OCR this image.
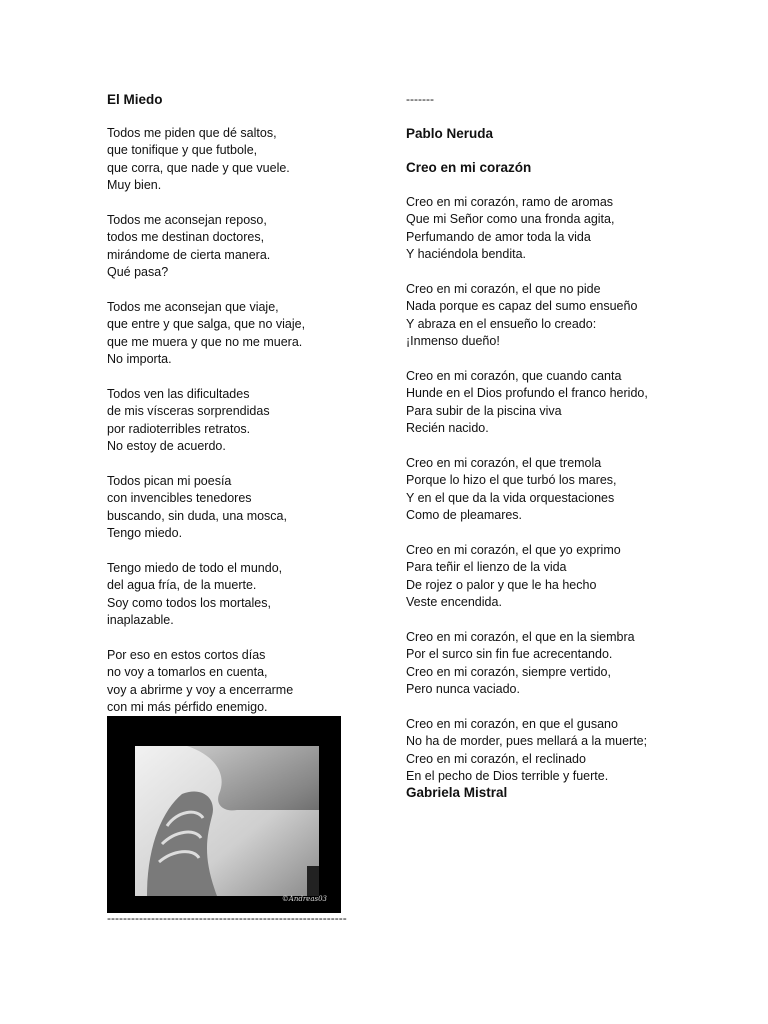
El Miedo
Todos me piden que dé saltos,
que tonifique y que futbole,
que corra, que nade y que vuele.
Muy bien.
Todos me aconsejan reposo,
todos me destinan doctores,
mirándome de cierta manera.
Qué pasa?
Todos me aconsejan que viaje,
que entre y que salga, que no viaje,
que me muera y que no me muera.
No importa.
Todos ven las dificultades
de mis vísceras sorprendidas
por radioterribles retratos.
No estoy de acuerdo.
Todos pican mi poesía
con invencibles tenedores
buscando, sin duda, una mosca,
Tengo miedo.
Tengo miedo de todo el mundo,
del agua fría, de la muerte.
Soy como todos los mortales,
inaplazable.
Por eso en estos cortos días
no voy a tomarlos en cuenta,
voy a abrirme y voy a encerrarme
con mi más pérfido enemigo.
©Andreas03
------------------------------------------------------------
-------
Pablo Neruda
Creo en mi corazón
Creo en mi corazón, ramo de aromas
Que mi Señor como una fronda agita,
Perfumando de amor toda la vida
Y haciéndola bendita.
Creo en mi corazón, el que no pide
Nada porque es capaz del sumo ensueño
Y abraza en el ensueño lo creado:
¡Inmenso dueño!
Creo en mi corazón, que cuando canta
Hunde en el Dios profundo el franco herido,
Para subir de la piscina viva
Recién nacido.
Creo en mi corazón, el que tremola
Porque lo hizo el que turbó los mares,
Y en el que da la vida orquestaciones
Como de pleamares.
Creo en mi corazón, el que yo exprimo
Para teñir el lienzo de la vida
De rojez o palor y que le ha hecho
Veste encendida.
Creo en mi corazón, el que en la siembra
Por el surco sin fin fue acrecentando.
Creo en mi corazón, siempre vertido,
Pero nunca vaciado.
Creo en mi corazón, en que el gusano
No ha de morder, pues mellará a la muerte;
Creo en mi corazón, el reclinado
En el pecho de Dios terrible y fuerte.
Gabriela Mistral
